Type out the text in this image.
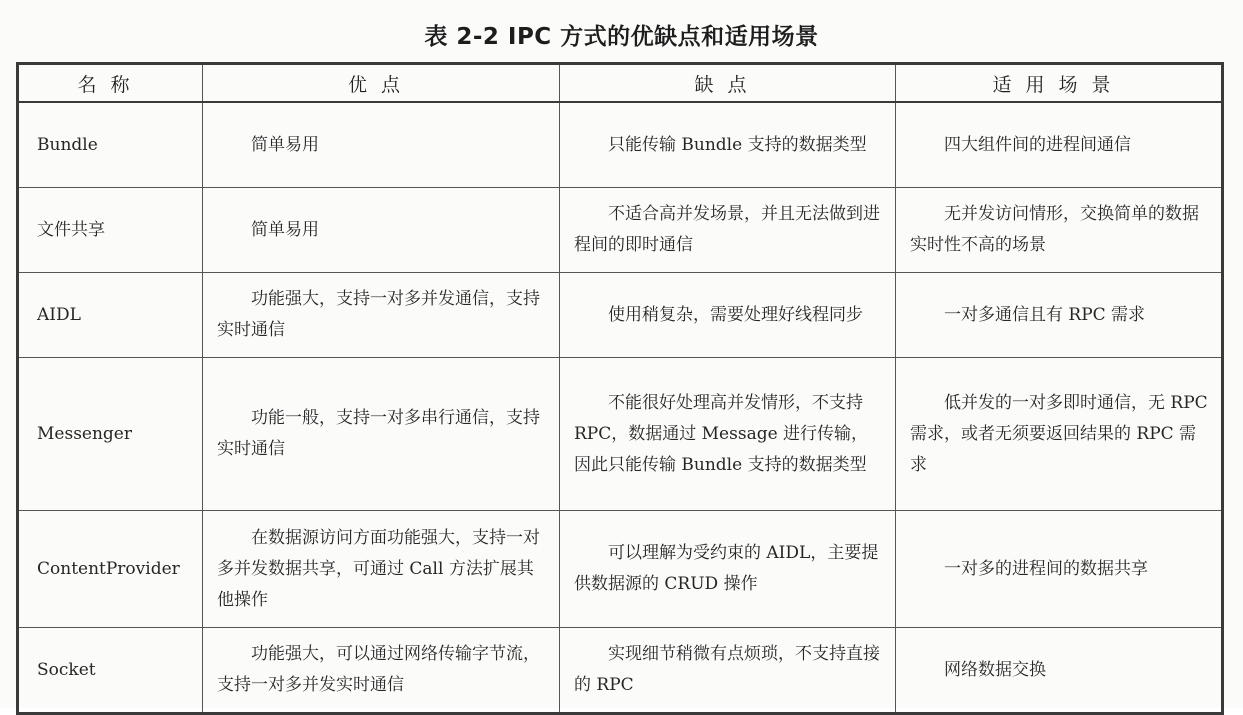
表 2-2 IPC 方式的优缺点和适用场景
名称	优点	缺点	适用场景
Bundle	简单易用	只能传输 Bundle 支持的数据类型	四大组件间的进程间通信
文件共享	简单易用	不适合高并发场景，并且无法做到进程间的即时通信	无并发访问情形，交换简单的数据实时性不高的场景
AIDL	功能强大，支持一对多并发通信，支持实时通信	使用稍复杂，需要处理好线程同步	一对多通信且有 RPC 需求
Messenger	功能一般，支持一对多串行通信，支持实时通信	不能很好处理高并发情形，不支持 RPC，数据通过 Message 进行传输，因此只能传输 Bundle 支持的数据类型	低并发的一对多即时通信，无 RPC 需求，或者无须要返回结果的 RPC 需求
ContentProvider	在数据源访问方面功能强大，支持一对多并发数据共享，可通过 Call 方法扩展其他操作	可以理解为受约束的 AIDL，主要提供数据源的 CRUD 操作	一对多的进程间的数据共享
Socket	功能强大，可以通过网络传输字节流，支持一对多并发实时通信	实现细节稍微有点烦琐，不支持直接的 RPC	网络数据交换
